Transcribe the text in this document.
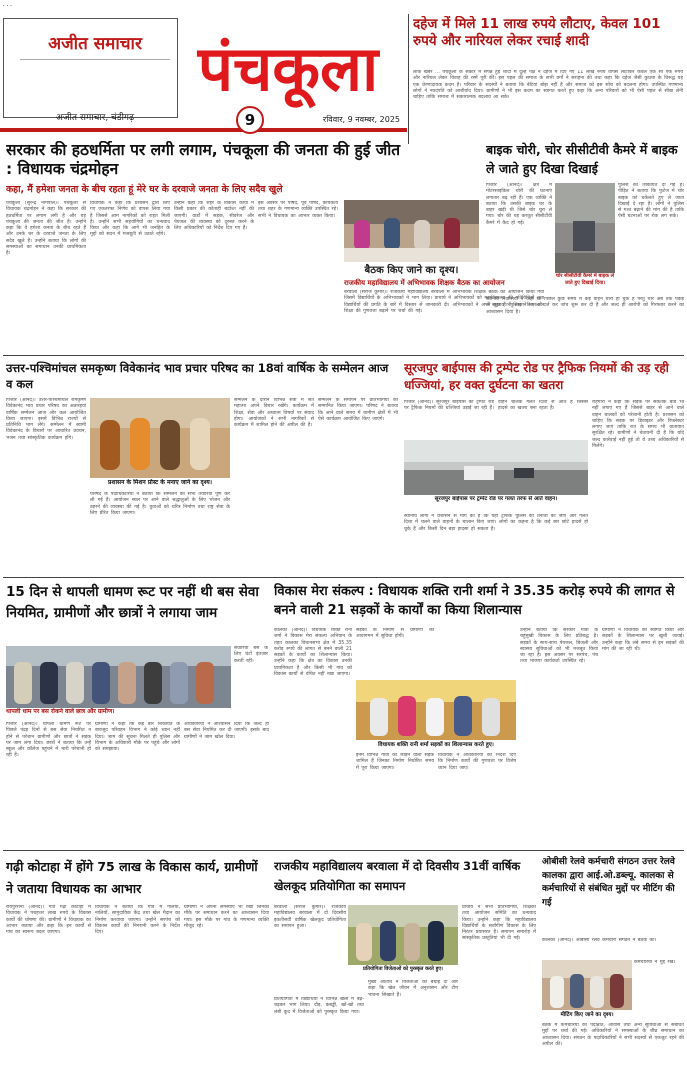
...
अजीत समाचार
अजीत समाचार, चंडीगढ़
पंचकूला
9	रविवार, 9 नवम्बर, 2025
दहेज में मिले 11 लाख रुपये लौटाए, केवल 101 रुपये और नारियल लेकर रचाई शादी
लोक खबरें ... पंचकूला के सेक्टर में संपन्न हुई शादी में दूल्हे पक्ष ने दहेज में दिए गए 11 लाख रुपये वापस लौटाकर केवल एक सौ एक रुपये और नारियल लेकर विवाह की रस्में पूरी कीं। इस पहल की समाज के सभी वर्गों ने सराहना की तथा कहा कि दहेज जैसी कुप्रथा के विरुद्ध यह एक प्रेरणादायक कदम है। परिवार के सदस्यों ने बताया कि बेटियां बोझ नहीं हैं और समाज को इस सोच को बदलना होगा। उपस्थित गणमान्य लोगों ने नवदंपति को आशीर्वाद दिया। ग्रामीणों ने भी इस कदम का स्वागत करते हुए कहा कि अन्य परिवारों को भी ऐसी पहल से सीख लेनी चाहिए ताकि समाज में सकारात्मक बदलाव आ सके।
सरकार की हठधर्मिता पर लगी लगाम, पंचकूला की जनता की हुई जीत : विधायक चंद्रमोहन
कहा, मैं हमेशा जनता के बीच रहता हूं मेरे घर के दरवाजे जनता के लिए सदैव खुले
पंचकूला (सुरेन्द्र नागपाल)। पंचकूला से विधायक चंद्रमोहन ने कहा कि सरकार की हठधर्मिता पर लगाम लगी है और यह पंचकूला की जनता की जीत है। उन्होंने कहा कि वे हमेशा जनता के बीच रहते हैं और उनके घर के दरवाजे जनता के लिए सदैव खुले हैं। उन्होंने बताया कि लोगों की समस्याओं का समाधान उनकी प्राथमिकता है।
विधायक ने कहा कि प्रशासन द्वारा लिए गए एकतरफा निर्णय को वापस लिया गया है जिससे आम नागरिकों को राहत मिली है। उन्होंने सभी सहयोगियों का धन्यवाद किया और कहा कि आगे भी जनहित के मुद्दों को सदन में मजबूती से उठाते रहेंगे।
उन्होंने कहा कि शहर के विकास कार्यों में किसी प्रकार की कोताही बर्दाश्त नहीं की जाएगी। वार्डों में सड़क, सीवरेज और पेयजल की व्यवस्था को दुरुस्त करने के लिए अधिकारियों को निर्देश दिए गए हैं।
इस अवसर पर पार्षद, पूर्व पार्षद, कार्यकर्ता तथा शहर के गणमान्य व्यक्ति उपस्थित रहे। सभी ने विधायक का आभार व्यक्त किया।
बैठक किए जाने का दृश्य।
राजकीय महाविद्यालय में अभिभावक शिक्षक बैठक का आयोजन
बरवाला (सरोज कुमार)। राजकीय महाविद्यालय बरवाला में अभिभावक शिक्षक बैठक का आयोजन किया गया जिसमें विद्यार्थियों के अभिभावकों ने भाग लिया। प्राचार्य ने अभिभावकों को महाविद्यालय की गतिविधियों तथा विद्यार्थियों की प्रगति के बारे में विस्तार से जानकारी दी। अभिभावकों ने अपने सुझाव भी साझा किए और शिक्षा की गुणवत्ता बढ़ाने पर चर्चा की गई।
बाइक चोरी, चोर सीसीटीवी कैमरे में बाइक ले जाते हुए दिखा दिखाई
पिंजौर (आनंद)। क्षेत्र में मोटरसाइकिल चोरी की घटनाएं लगातार बढ़ रही हैं। एक व्यक्ति ने बताया कि उसकी बाइक घर के बाहर खड़ी थी जिसे चोर चुरा ले गया। चोर की यह करतूत सीसीटीवी कैमरे में कैद हो गई।
चोर सीसीटीवी कैमरे में बाइक ले जाते हुए दिखाई दिया।
पुलिस को शिकायत दी गई है। पीड़ित ने बताया कि फुटेज में चोर बाइक को धकेलते हुए ले जाता दिखाई दे रहा है। लोगों ने पुलिस से गश्त बढ़ाने की मांग की है ताकि ऐसी घटनाओं पर रोक लग सके।
स्थानीय निवासियों ने कहा कि पिछले कुछ समय में कई वाहन चोरी हो चुके हैं परंतु चोर अब तक पकड़ से बाहर हैं। पुलिस ने मामला दर्ज कर जांच शुरू कर दी है और जल्द ही आरोपी को गिरफ्तार करने का आश्वासन दिया है।
उत्तर-पश्चिमांचल समकृष्ण विवेकानंद भाव प्रचार परिषद का 18वां वार्षिक के सम्मेलन आज व कल
पिंजौर (आनंद)। उत्तर-पश्चिमांचल रामकृष्ण विवेकानंद भाव प्रचार परिषद का अठारहवां वार्षिक सम्मेलन आज और कल आयोजित किया जाएगा। इसमें विभिन्न राज्यों से प्रतिनिधि भाग लेंगे। सम्मेलन में स्वामी विवेकानंद के विचारों पर आधारित प्रवचन, भजन तथा सांस्कृतिक कार्यक्रम होंगे।
प्रशासन के मिशन प्रोस्ट के मनाए जाने का दृश्य।
परिषद के पदाधिकारियों ने बताया कि सम्मेलन की सभी तैयारियां पूर्ण कर ली गई हैं। आयोजन स्थल पर आने वाले श्रद्धालुओं के लिए भोजन और ठहरने की व्यवस्था की गई है। युवाओं को चरित्र निर्माण तथा राष्ट्र सेवा के लिए प्रेरित किया जाएगा।
सम्मेलन के दौरान विभिन्न सत्रों में संत महात्मा अपने विचार रखेंगे। कार्यक्रम में शिक्षा, सेवा और अध्यात्म विषयों पर संवाद होगा। आयोजकों ने सभी नागरिकों से कार्यक्रम में शामिल होने की अपील की है।
सम्मेलन के समापन पर प्रतिभागियों को सम्मानित किया जाएगा। परिषद ने बताया कि आने वाले समय में ग्रामीण क्षेत्रों में भी ऐसे कार्यक्रम आयोजित किए जाएंगे।
सूरजपुर बाईपास की ट्रम्पेट रोड पर ट्रैफिक नियमों की उड़ रही धज्जियां, हर वक्त दुर्घटना का खतरा
पिंजौर (आनंद)। सूरजपुर बाईपास की ट्रम्पेट रोड पर ट्रैफिक नियमों की धज्जियां उड़ाई जा रही हैं।
वाहन चालक गलत दिशा से आते हैं जिससे हादसे का खतरा बना रहता है।
सूरजपुर बाईपास पर ट्रम्पेट रोड पर गलत तरफ से आते वाहन।
स्थानीय लोगों ने प्रशासन से मांग की है कि यहां ट्रैफिक पुलिस की तैनाती की जाए और गलत दिशा में चलने वाले वाहनों के चालान किए जाएं। लोगों का कहना है कि कई बार छोटे हादसे हो चुके हैं और किसी दिन बड़ा हादसा हो सकता है।
राहगीरों ने कहा कि सड़क पर संकेतक बोर्ड भी नहीं लगाए गए हैं जिससे बाहर से आने वाले वाहन चालकों को परेशानी होती है। प्रशासन को चाहिए कि सड़क पर डिवाइडर और रिफ्लेक्टर लगाए जाएं ताकि रात के समय भी यातायात सुरक्षित रहे। ग्रामीणों ने चेतावनी दी है कि यदि जल्द कार्रवाई नहीं हुई तो वे उच्च अधिकारियों से मिलेंगे।
15 दिन से थापली धामण रूट पर नहीं थी बस सेवा नियमित, ग्रामीणों और छात्रों ने लगाया जाम
सवारियां बस के लिए घंटों इंतजार करती रहीं।
थापली धाम पर बस रोकने वाले छात्र और ग्रामीण।
पिंजौर (आनंद)। थापली धामण रूट पर पिछले पंद्रह दिनों से बस सेवा नियमित न होने से परेशान ग्रामीणों और छात्रों ने सड़क पर जाम लगा दिया। छात्रों ने बताया कि उन्हें स्कूल और कॉलेज पहुंचने में भारी परेशानी हो रही है।
ग्रामीणों ने कहा कि कई बार शिकायत के बावजूद परिवहन विभाग ने कोई ध्यान नहीं दिया। जाम की सूचना मिलते ही पुलिस और विभाग के अधिकारी मौके पर पहुंचे और लोगों को समझाया।
अधिकारियों ने आश्वासन दिया कि जल्द ही बस सेवा नियमित कर दी जाएगी। इसके बाद ग्रामीणों ने जाम खोल दिया।
विकास मेरा संकल्प : विधायक शक्ति रानी शर्मा ने 35.35 करोड़ रुपये की लागत से बनने वाली 21 सड़कों के कार्यों का किया शिलान्यास
कालका (आनंद)। विधायक शक्ति रानी शर्मा ने विकास मेरा संकल्प अभियान के तहत कालका विधानसभा क्षेत्र में 35.35 करोड़ रुपये की लागत से बनने वाली 21 सड़कों के कार्यों का शिलान्यास किया। उन्होंने कहा कि क्षेत्र का विकास उनकी प्राथमिकता है और किसी भी गांव को विकास कार्यों से वंचित नहीं रखा जाएगा।
सड़कों के निर्माण से ग्रामीणों को आवागमन में सुविधा होगी।
विधायक शक्ति रानी शर्मा सड़कों का शिलान्यास करते हुए।
इनमें विभिन्न गांवों को जोड़ने वाली सड़कें शामिल हैं जिनका निर्माण निर्धारित समय में पूरा किया जाएगा।
विधायक ने अधिकारियों को निर्देश दिए कि निर्माण कार्यों की गुणवत्ता पर विशेष ध्यान दिया जाए।
उन्होंने बताया कि सरकार गांवों के चहुंमुखी विकास के लिए प्रतिबद्ध है। सड़कों के साथ-साथ पेयजल, बिजली और स्वास्थ्य सुविधाओं को भी मजबूत किया जा रहा है। इस अवसर पर सरपंच, पंच तथा भाजपा कार्यकर्ता उपस्थित रहे।
ग्रामीणों ने विधायक का स्वागत किया और सड़कों के शिलान्यास पर खुशी जताई। उन्होंने कहा कि लंबे समय से इन सड़कों की मांग की जा रही थी।
गढ़ी कोटाहा में होंगे 75 लाख के विकास कार्य, ग्रामीणों ने जताया विधायक का आभार
रायपुररानी (आनंद)। गांव गढ़ी कोटाहा में विधायक ने पचहत्तर लाख रुपये के विकास कार्यों की घोषणा की। ग्रामीणों ने विधायक का आभार जताया और कहा कि इन कार्यों से गांव का स्वरूप बदल जाएगा।
विधायक ने बताया कि गांव में गलियों, नालियों, सामुदायिक केंद्र तथा खेल मैदान का निर्माण करवाया जाएगा। उन्होंने सरपंच को विकास कार्यों की निगरानी करने के निर्देश दिए।
ग्रामीणों ने अपनी समस्याएं भी रखीं जिनका मौके पर समाधान करने का आश्वासन दिया गया। इस मौके पर गांव के गणमान्य व्यक्ति मौजूद रहे।
राजकीय महाविद्यालय बरवाला में दो दिवसीय 31वीं वार्षिक खेलकूद प्रतियोगिता का समापन
बरवाला (सरोज कुमार)। राजकीय महाविद्यालय बरवाला में दो दिवसीय इकतीसवीं वार्षिक खेलकूद प्रतियोगिता का समापन हुआ।
प्रतियोगिता विजेताओं को पुरस्कृत करते हुए।
प्रतियोगिता में विद्यार्थियों ने विभिन्न खेलों में बढ़-चढ़कर भाग लिया। दौड़, कबड्डी, खो-खो तथा लंबी कूद में विजेताओं को पुरस्कृत किया गया।
मुख्य अतिथि ने विजेताओं को बधाई दी और कहा कि खेल जीवन में अनुशासन और टीम भावना सिखाते हैं।
प्राचार्य ने सभी प्रतिभागियों, शिक्षकों तथा आयोजन समिति का धन्यवाद किया। उन्होंने कहा कि महाविद्यालय विद्यार्थियों के सर्वांगीण विकास के लिए निरंतर प्रयासरत है। समापन समारोह में सांस्कृतिक प्रस्तुतियां भी दी गईं।
ओबीसी रेलवे कर्मचारी संगठन उत्तर रेलवे कालका द्वारा आई.ओ.डब्ल्यू. कालका से कर्मचारियों से संबंधित मुद्दों पर मीटिंग की गई
कालका (आनंद)। ओबीसी रेलवे कर्मचारी संगठन ने बैठक की।
कर्मचारियों ने मुद्दे रखे।
मीटिंग किए जाने का दृश्य।
बैठक में कर्मचारियों की पदोन्नति, आवास तथा अन्य सुविधाओं से संबंधित मुद्दों पर चर्चा की गई। अधिकारियों ने समस्याओं के शीघ्र समाधान का आश्वासन दिया। संगठन के पदाधिकारियों ने सभी सदस्यों से एकजुट रहने की अपील की।
